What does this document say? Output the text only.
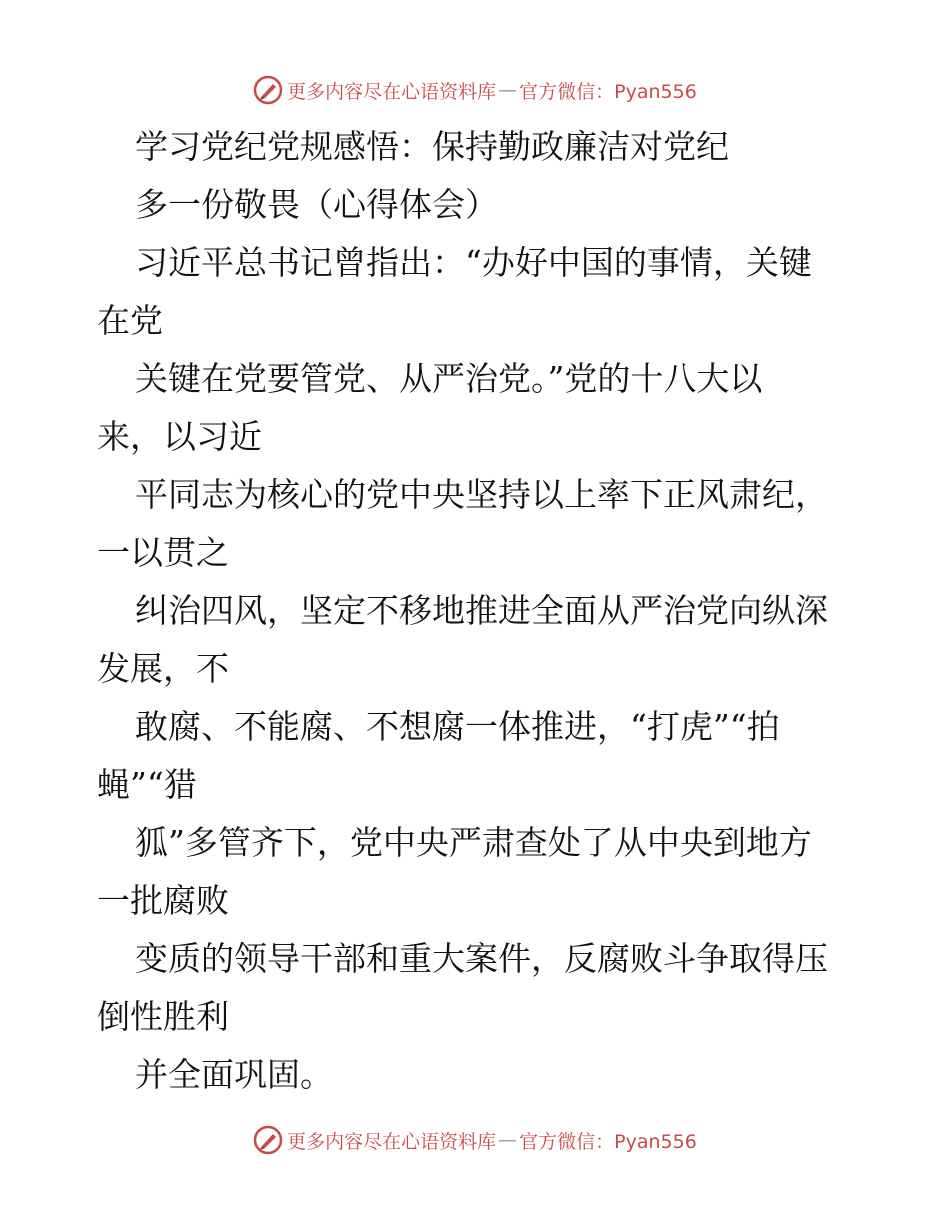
更多内容尽在心语资料库 — 官方微信：Pyan556
学习党纪党规感悟：保持勤政廉洁对党纪
多一份敬畏（心得体会）
习近平总书记曾指出：“办好中国的事情，关键
在党
关键在党要管党、从严治党。”党的十八大以
来，以习近
平同志为核心的党中央坚持以上率下正风肃纪，
一以贯之
纠治四风，坚定不移地推进全面从严治党向纵深
发展，不
敢腐、不能腐、不想腐一体推进，“打虎”“拍
蝇”“猎
狐”多管齐下，党中央严肃查处了从中央到地方
一批腐败
变质的领导干部和重大案件，反腐败斗争取得压
倒性胜利
并全面巩固。
更多内容尽在心语资料库 — 官方微信：Pyan556
